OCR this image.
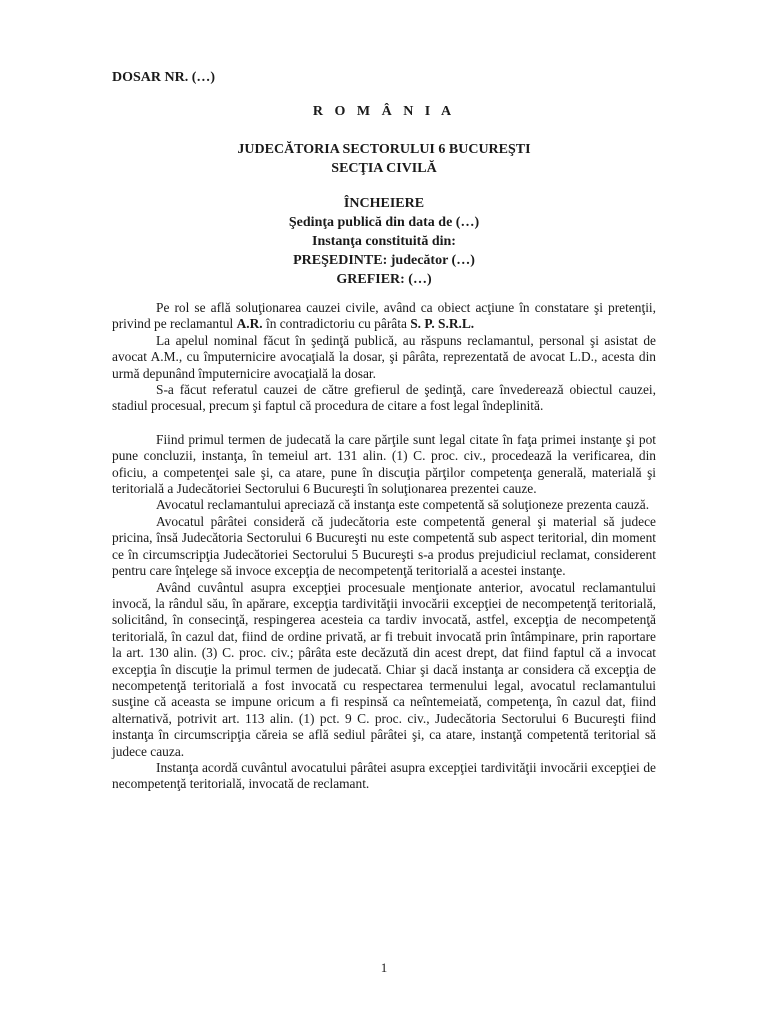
DOSAR NR. (…)

R O M Â N I A
JUDECĂTORIA SECTORULUI 6 BUCUREŞTI
SECŢIA CIVILĂ
ÎNCHEIERE
Şedinţa publică din data de (…)
Instanţa constituită din:
PREŞEDINTE: judecător (…)
GREFIER: (…)

Pe rol se află soluţionarea cauzei civile, având ca obiect acţiune în constatare şi pretenţii, privind pe reclamantul A.R. în contradictoriu cu pârâta S. P. S.R.L.

La apelul nominal făcut în şedinţă publică, au răspuns reclamantul, personal şi asistat de avocat A.M., cu împuternicire avocaţială la dosar, şi pârâta, reprezentată de avocat L.D., acesta din urmă depunând împuternicire avocaţială la dosar.

S-a făcut referatul cauzei de către grefierul de şedinţă, care învederează obiectul cauzei, stadiul procesual, precum şi faptul că procedura de citare a fost legal îndeplinită.

Fiind primul termen de judecată la care părţile sunt legal citate în faţa primei instanţe şi pot pune concluzii, instanţa, în temeiul art. 131 alin. (1) C. proc. civ., procedează la verificarea, din oficiu, a competenţei sale şi, ca atare, pune în discuţia părţilor competenţa generală, materială şi teritorială a Judecătoriei Sectorului 6 Bucureşti în soluţionarea prezentei cauze.

Avocatul reclamantului apreciază că instanţa este competentă să soluţioneze prezenta cauză.

Avocatul pârâtei consideră că judecătoria este competentă general şi material să judece pricina, însă Judecătoria Sectorului 6 Bucureşti nu este competentă sub aspect teritorial, din moment ce în circumscripţia Judecătoriei Sectorului 5 Bucureşti s-a produs prejudiciul reclamat, considerent pentru care înţelege să invoce excepţia de necompetenţă teritorială a acestei instanţe.

Având cuvântul asupra excepţiei procesuale menţionate anterior, avocatul reclamantului invocă, la rândul său, în apărare, excepţia tardivităţii invocării excepţiei de necompetenţă teritorială, solicitând, în consecinţă, respingerea acesteia ca tardiv invocată, astfel, excepţia de necompetenţă teritorială, în cazul dat, fiind de ordine privată, ar fi trebuit invocată prin întâmpinare, prin raportare la art. 130 alin. (3) C. proc. civ.; pârâta este decăzută din acest drept, dat fiind faptul că a invocat excepţia în discuţie la primul termen de judecată. Chiar şi dacă instanţa ar considera că excepţia de necompetenţă teritorială a fost invocată cu respectarea termenului legal, avocatul reclamantului susţine că aceasta se impune oricum a fi respinsă ca neîntemeiată, competenţa, în cazul dat, fiind alternativă, potrivit art. 113 alin. (1) pct. 9 C. proc. civ., Judecătoria Sectorului 6 Bucureşti fiind instanţa în circumscripţia căreia se află sediul pârâtei şi, ca atare, instanţă competentă teritorial să judece cauza.

Instanţa acordă cuvântul avocatului pârâtei asupra excepţiei tardivităţii invocării excepţiei de necompetenţă teritorială, invocată de reclamant.

1
